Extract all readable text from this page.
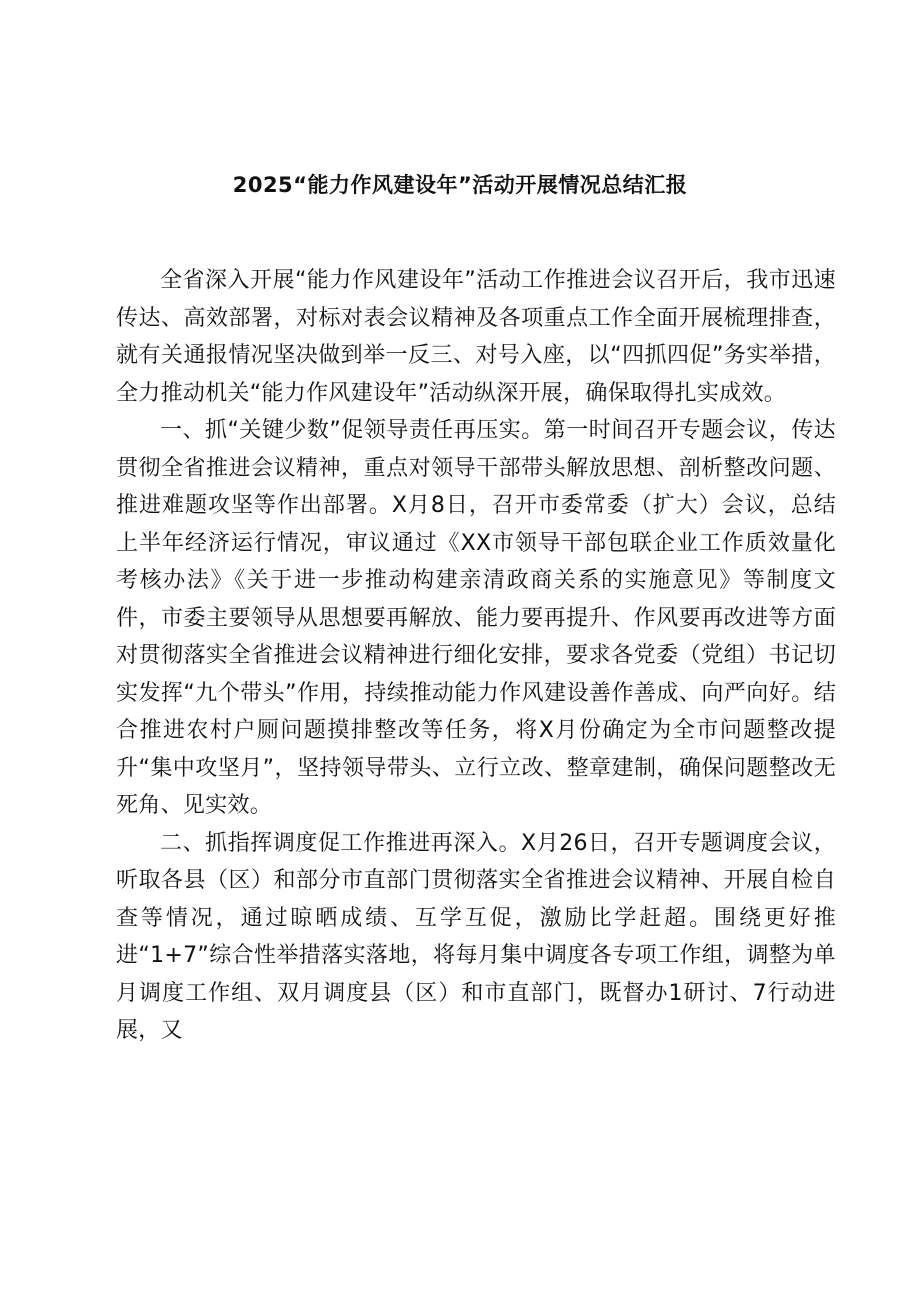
2025“能力作风建设年”活动开展情况总结汇报

全省深入开展“能力作风建设年”活动工作推进会议召开后，我市迅速传达、高效部署，对标对表会议精神及各项重点工作全面开展梳理排查，就有关通报情况坚决做到举一反三、对号入座，以“四抓四促”务实举措，全力推动机关“能力作风建设年”活动纵深开展，确保取得扎实成效。

一、抓“关键少数”促领导责任再压实。第一时间召开专题会议，传达贯彻全省推进会议精神，重点对领导干部带头解放思想、剖析整改问题、推进难题攻坚等作出部署。X月8日，召开市委常委（扩大）会议，总结上半年经济运行情况，审议通过《XX市领导干部包联企业工作质效量化考核办法》《关于进一步推动构建亲清政商关系的实施意见》等制度文件，市委主要领导从思想要再解放、能力要再提升、作风要再改进等方面对贯彻落实全省推进会议精神进行细化安排，要求各党委（党组）书记切实发挥“九个带头”作用，持续推动能力作风建设善作善成、向严向好。结合推进农村户厕问题摸排整改等任务，将X月份确定为全市问题整改提升“集中攻坚月”，坚持领导带头、立行立改、整章建制，确保问题整改无死角、见实效。

二、抓指挥调度促工作推进再深入。X月26日，召开专题调度会议，听取各县（区）和部分市直部门贯彻落实全省推进会议精神、开展自检自查等情况，通过晾晒成绩、互学互促，激励比学赶超。围绕更好推进“1+7”综合性举措落实落地，将每月集中调度各专项工作组，调整为单月调度工作组、双月调度县（区）和市直部门，既督办1研讨、7行动进展，又
